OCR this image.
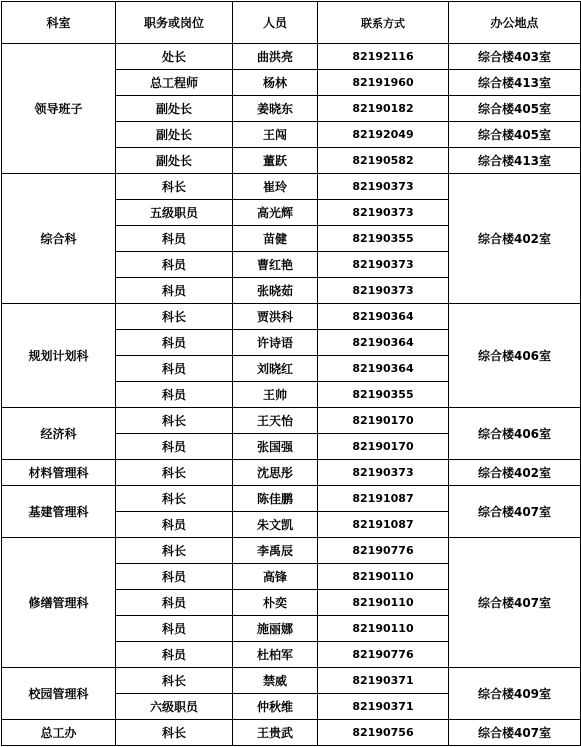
科室	职务或岗位	人员	联系方式	办公地点
领导班子	处长	曲洪亮	82192116	综合楼403室
	总工程师	杨林	82191960	综合楼413室
	副处长	姜晓东	82190182	综合楼405室
	副处长	王闯	82192049	综合楼405室
	副处长	董跃	82190582	综合楼413室
综合科	科长	崔玲	82190373	综合楼402室
	五级职员	高光辉	82190373	
	科员	苗健	82190355	
	科员	曹红艳	82190373	
	科员	张晓茹	82190373	
规划计划科	科长	贾洪科	82190364	综合楼406室
	科员	许诗语	82190364	
	科员	刘晓红	82190364	
	科员	王帅	82190355	
经济科	科长	王天怡	82190170	综合楼406室
	科员	张国强	82190170	
材料管理科	科长	沈思彤	82190373	综合楼402室
基建管理科	科长	陈佳鹏	82191087	综合楼407室
	科员	朱文凯	82191087	
修缮管理科	科长	李禹辰	82190776	综合楼407室
	科员	高锋	82190110	
	科员	朴奕	82190110	
	科员	施丽娜	82190110	
	科员	杜柏军	82190776	
校园管理科	科长	禁威	82190371	综合楼409室
	六级职员	仲秋维	82190371	
总工办	科长	王贵武	82190756	综合楼407室
